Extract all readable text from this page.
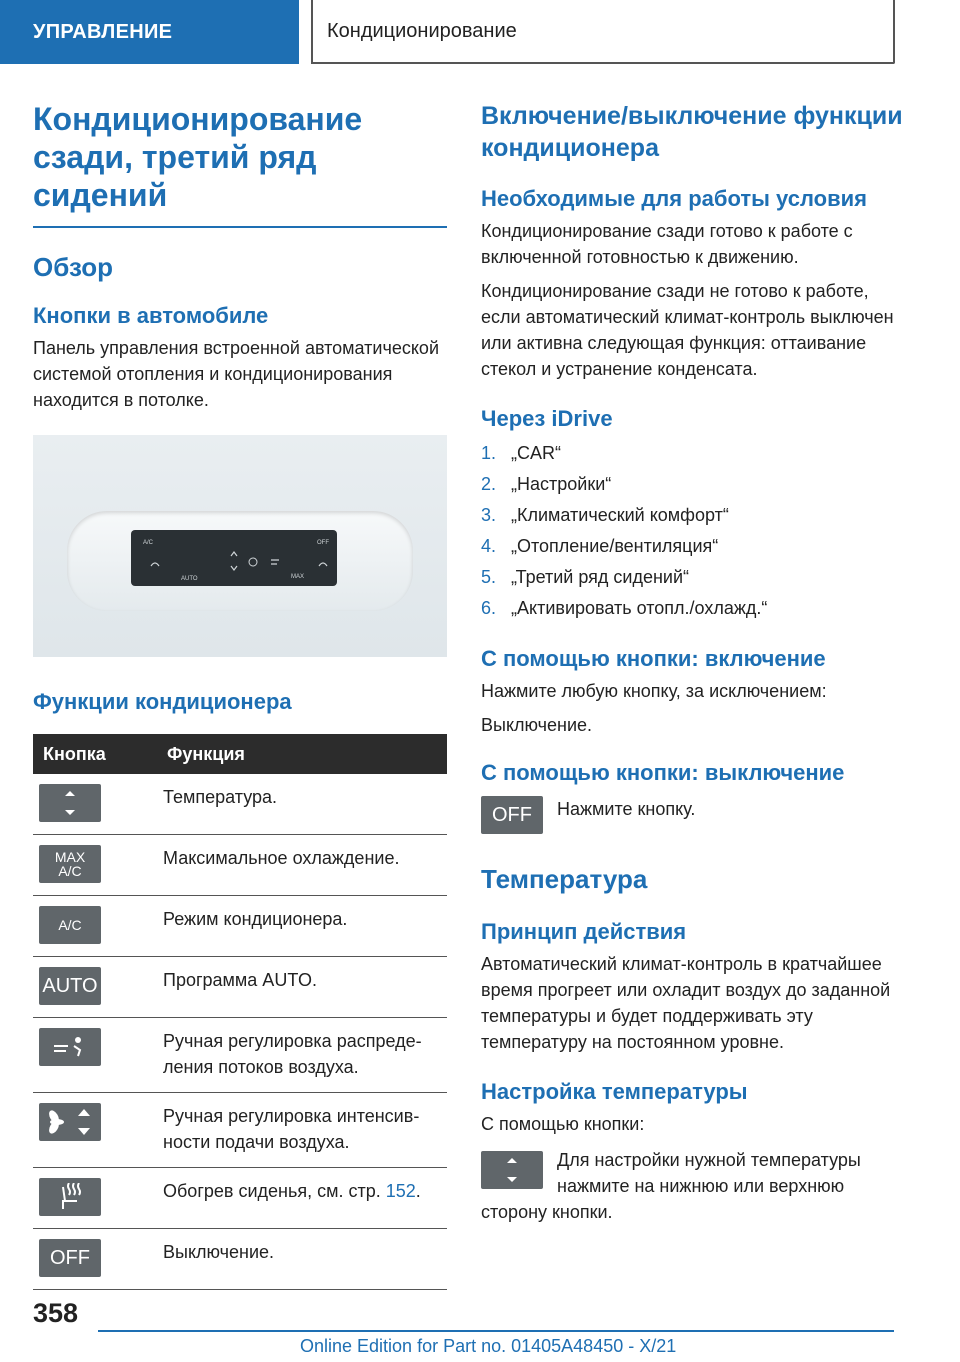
УПРАВЛЕНИЕ	Кондиционирование
Кондиционирование сзади, третий ряд сидений
Обзор
Кнопки в автомобиле

Панель управления встроенной автоматической системой отопления и кондиционирования находится в потолке.

A/C	OFF
AUTO	MAX
Функции кондиционера
Кнопка	Функция

	Температура.

MAX
A/C	Максимальное охлаждение.

A/C	Режим кондиционера.

AUTO	Программа AUTO.

	Ручная регулировка распределения потоков воздуха.

	Ручная регулировка интенсивности подачи воздуха.

	Обогрев сиденья, см. стр. 152.

OFF	Выключение.
Включение/выключение функции кондиционера
Необходимые для работы условия

Кондиционирование сзади готово к работе с включенной готовностью к движению.

Кондиционирование сзади не готово к работе, если автоматический климат-контроль выключен или активна следующая функция: оттаивание стекол и устранение конденсата.

Через iDrive
1. „CAR“
2. „Настройки“
3. „Климатический комфорт“
4. „Отопление/вентиляция“
5. „Третий ряд сидений“
6. „Активировать отопл./охлажд.“
С помощью кнопки: включение

Нажмите любую кнопку, за исключением:

Выключение.

С помощью кнопки: выключение
OFF Нажмите кнопку.

Температура
Принцип действия

Автоматический климат-контроль в кратчайшее время прогреет или охладит воздух до заданной температуры и будет поддерживать эту температуру на постоянном уровне.

Настройка температуры

С помощью кнопки:

Для настройки нужной температуры нажмите на нижнюю или верхнюю сторону кнопки.

358
Online Edition for Part no. 01405A48450 - X/21
